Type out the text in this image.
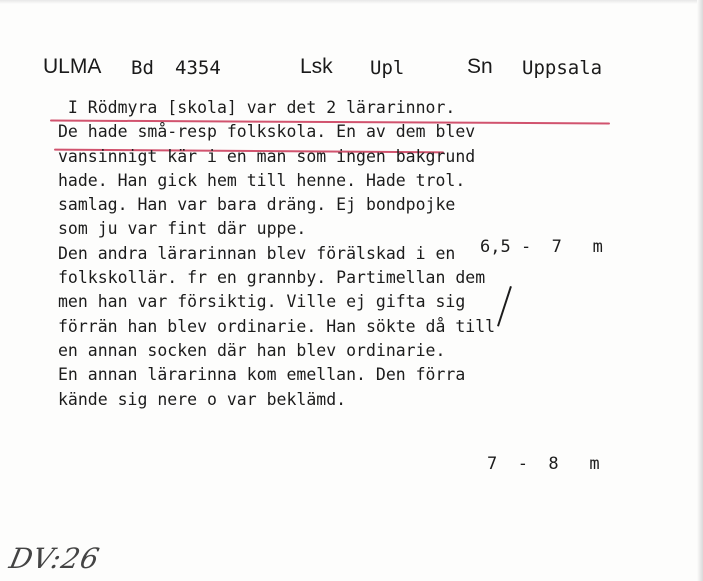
ULMA Bd 4354	Lsk Upl	Sn Uppsala
I Rödmyra [skola] var det 2 lärarinnor.
De hade små-resp folkskola. En av dem blev
vansinnigt kär i en man som ingen bakgrund
hade. Han gick hem till henne. Hade trol.
samlag. Han var bara dräng. Ej bondpojke
som ju var fint där uppe.
Den andra lärarinnan blev förälskad i en
folkskollär. fr en grannby. Partimellan dem
men han var försiktig. Ville ej gifta sig
förrän han blev ordinarie. Han sökte då till
en annan socken där han blev ordinarie.
En annan lärarinna kom emellan. Den förra
kände sig nere o var beklämd.
6,5 -  7   m
7  -  8   m
DV:26
